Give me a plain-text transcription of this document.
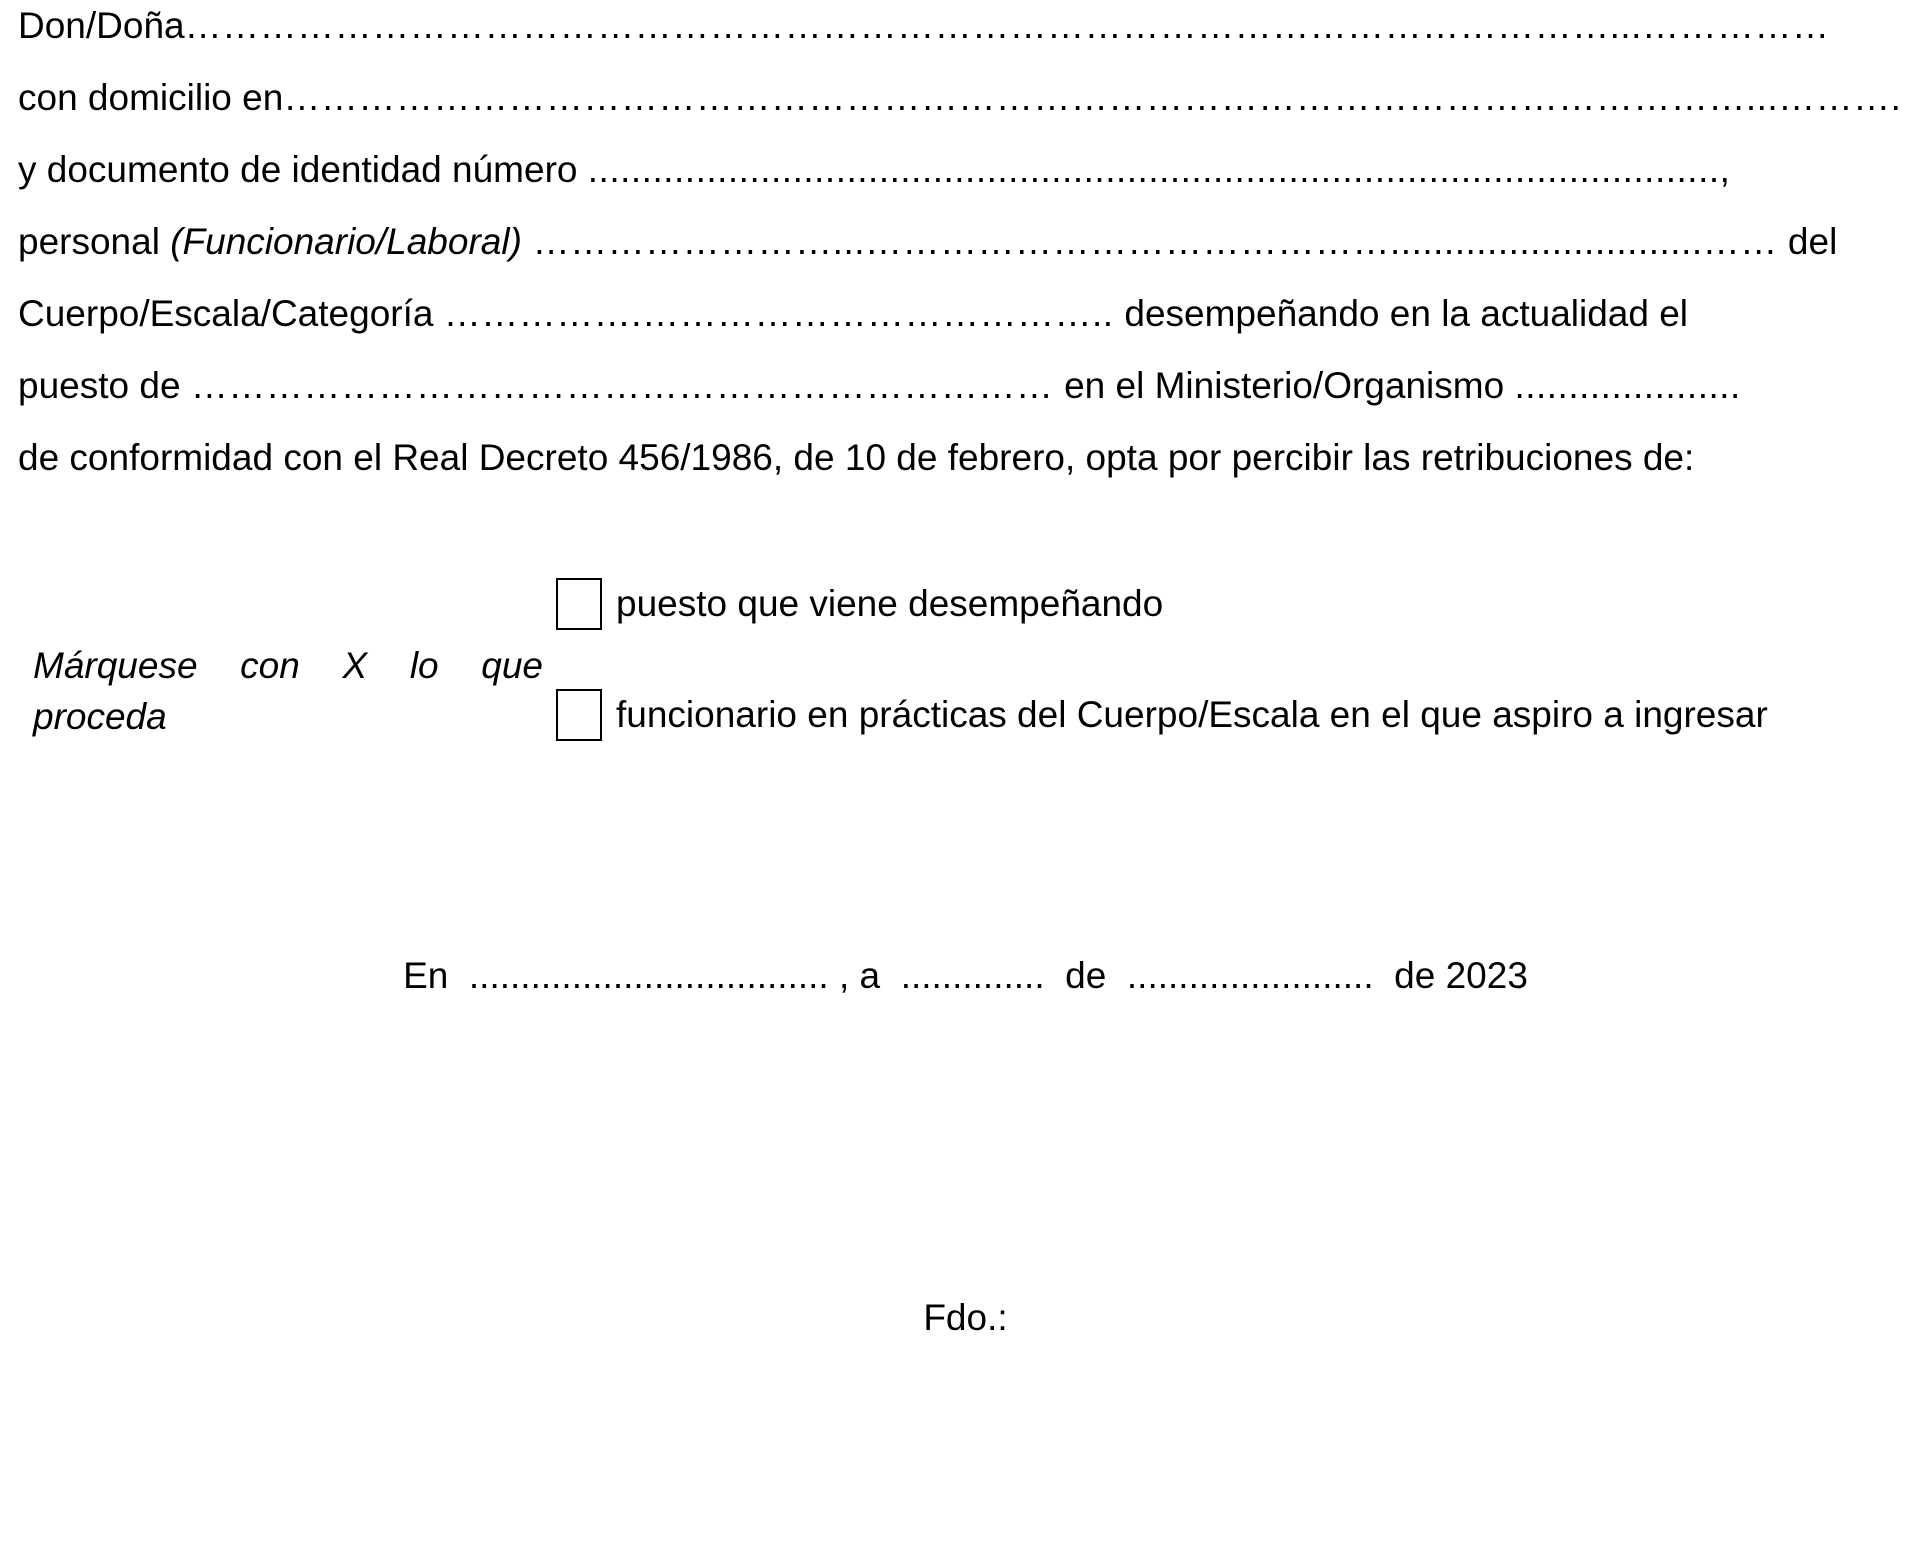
Don/Doña……………………………………………………………………………………………………...……………
con domicilio en………………………………………………………………………………………………………...……….
y documento de identidad número .........................................................................................................,
personal (Funcionario/Laboral) ……………………...…………………………………….............................…… del
Cuerpo/Escala/Categoría …………….……………………………….. desempeñando en la actualidad el
puesto de …………………………………………………………… en el Ministerio/Organismo .....................
de conformidad con el Real Decreto 456/1986, de 10 de febrero, opta por percibir las retribuciones de:
Márquese con X lo que proceda
puesto que viene desempeñando
funcionario en prácticas del Cuerpo/Escala en el que aspiro a ingresar
En ................................... , a .............. de ........................ de 2023
Fdo.:
